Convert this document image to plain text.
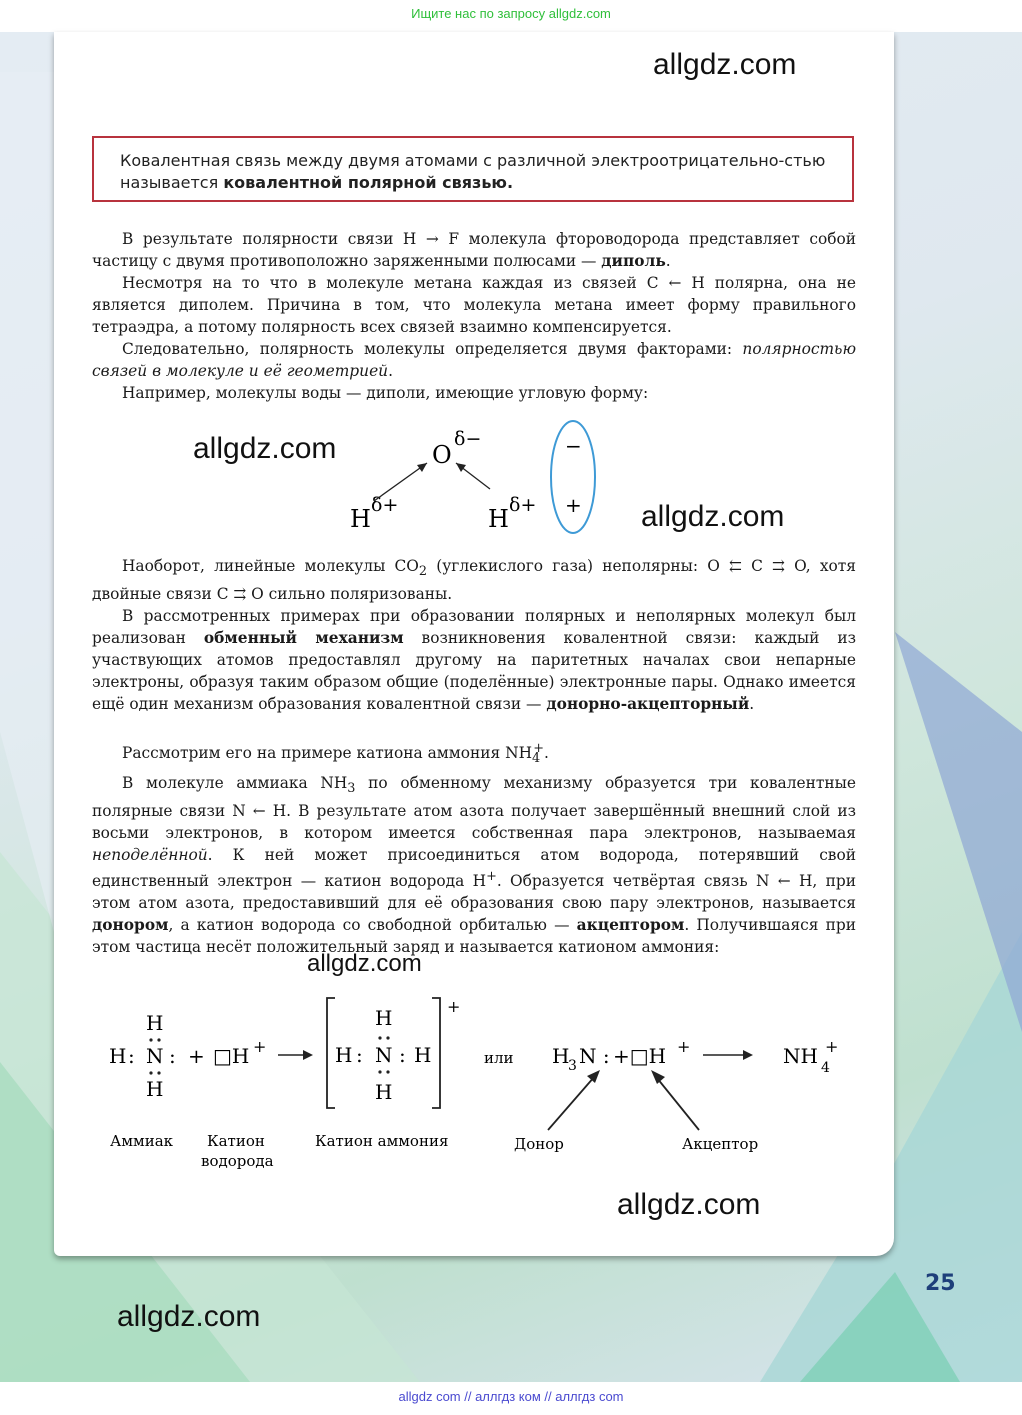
Ищите нас по запросу allgdz.com
allgdz.com
allgdz.com
allgdz.com
allgdz.com
allgdz.com
allgdz.com
Ковалентная связь между двумя атомами с различной электроотрицательно-стью называется ковалентной полярной связью.

В результате полярности связи H → F молекула фтороводорода представляет собой частицу с двумя противоположно заряженными полюсами — диполь.

Несмотря на то что в молекуле метана каждая из связей C ← H полярна, она не является диполем. Причина в том, что молекула метана имеет форму правильного тетраэдра, а потому полярность всех связей взаимно компенсируется.

Следовательно, полярность молекулы определяется двумя факторами: полярностью связей в молекуле и её геометрией.

Например, молекулы воды — диполи, имеющие угловую форму:

O
δ−
H δ+	H δ+
−
+

Наоборот, линейные молекулы $CO_2$ (углекислого газа) неполярны: O ⇇ C ⇉ O, хотя двойные связи C ⇉ O сильно поляризованы.

В рассмотренных примерах при образовании полярных и неполярных молекул был реализован обменный механизм возникновения ковалентной связи: каждый из участвующих атомов предоставлял другому на паритетных началах свои непарные электроны, образуя таким образом общие (поделённые) электронные пары. Однако имеется ещё один механизм образования ковалентной связи — донорно-акцепторный.

Рассмотрим его на примере катиона аммония $NH_4^+$.

В молекуле аммиака $NH_3$ по обменному механизму образуется три ковалентные полярные связи N ← H. В результате атом азота получает завершённый внешний слой из восьми электронов, в котором имеется собственная пара электронов, называемая неподелённой. К ней может присоединиться атом водорода, потерявший свой единственный электрон — катион водорода H+. Образуется четвёртая связь N ← H, при этом атом азота, предоставивший для её образования свою пару электронов, называется донором, а катион водорода со свободной орбиталью — акцептором. Получившаяся при этом частица несёт положительный заряд и называется катионом аммония:

H
H : N :
H
+ □H +
+
H
H : N : H
H
или H
3 N : +□H +	NH 4
+
Аммиак Катион
водорода
Катион аммония	Донор	Акцептор
25
allgdz com // аллгдз ком // аллгдз com
